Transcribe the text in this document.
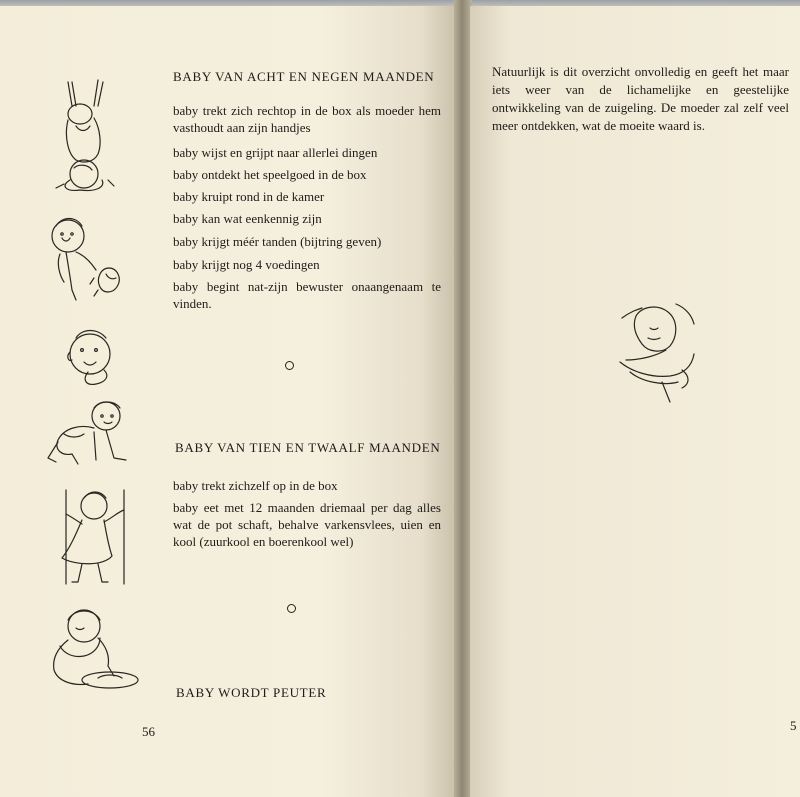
BABY VAN ACHT EN NEGEN MAANDEN
baby trekt zich rechtop in de box als moeder hem vasthoudt aan zijn handjes
baby wijst en grijpt naar allerlei dingen
baby ontdekt het speelgoed in de box
baby kruipt rond in de kamer
baby kan wat eenkennig zijn
baby krijgt méér tanden (bijtring geven)
baby krijgt nog 4 voedingen
baby begint nat-zijn bewuster onaangenaam te vinden.
BABY VAN TIEN EN TWAALF MAANDEN
baby trekt zichzelf op in de box
baby eet met 12 maanden driemaal per dag alles wat de pot schaft, behalve varkensvlees, uien en kool (zuurkool en boerenkool wel)
BABY WORDT PEUTER
56
Natuurlijk is dit overzicht onvolledig en geeft het maar iets weer van de lichamelijke en geestelijke ontwikkeling van de zuigeling. De moeder zal zelf veel meer ontdekken, wat de moeite waard is.
5
